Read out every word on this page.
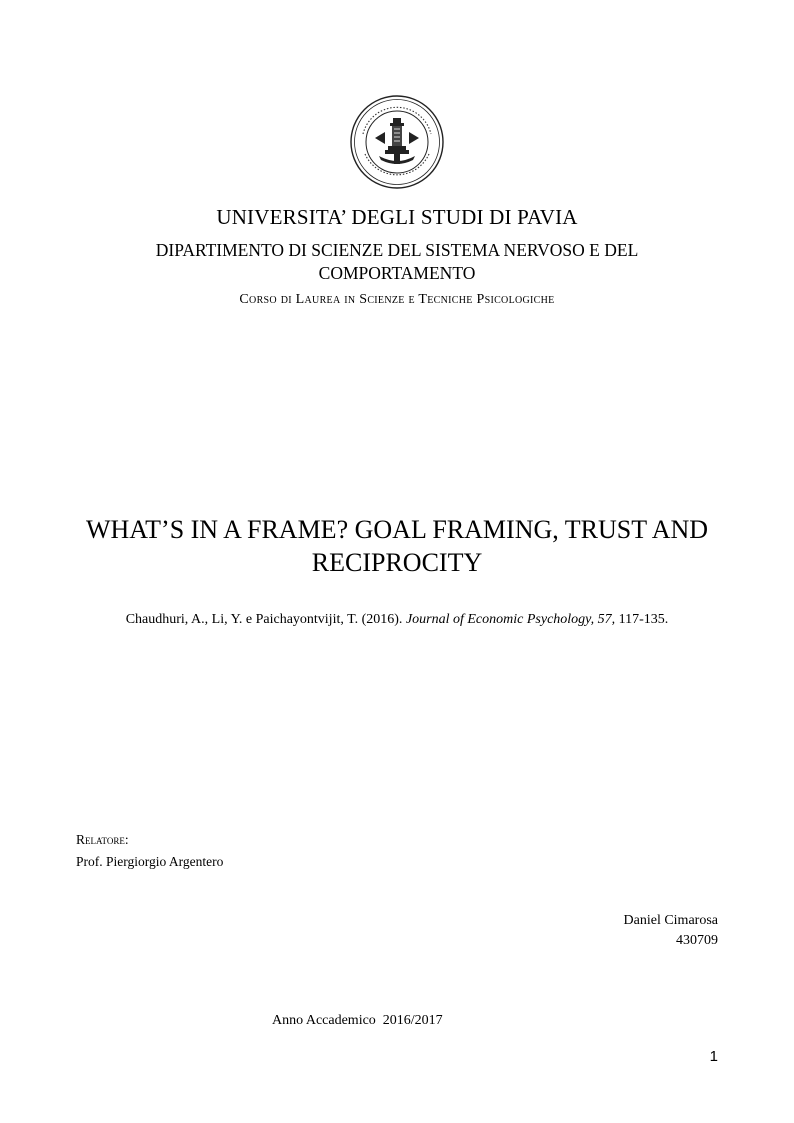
UNIVERSITA’ DEGLI STUDI DI PAVIA
DIPARTIMENTO DI SCIENZE DEL SISTEMA NERVOSO E DEL COMPORTAMENTO
Corso di Laurea in Scienze e Tecniche Psicologiche
WHAT’S IN A FRAME? GOAL FRAMING, TRUST AND RECIPROCITY
Chaudhuri, A., Li, Y. e Paichayontvijit, T. (2016). Journal of Economic Psychology, 57, 117-135.
Relatore:
Prof. Piergiorgio Argentero
Daniel Cimarosa
430709
Anno Accademico  2016/2017
1
